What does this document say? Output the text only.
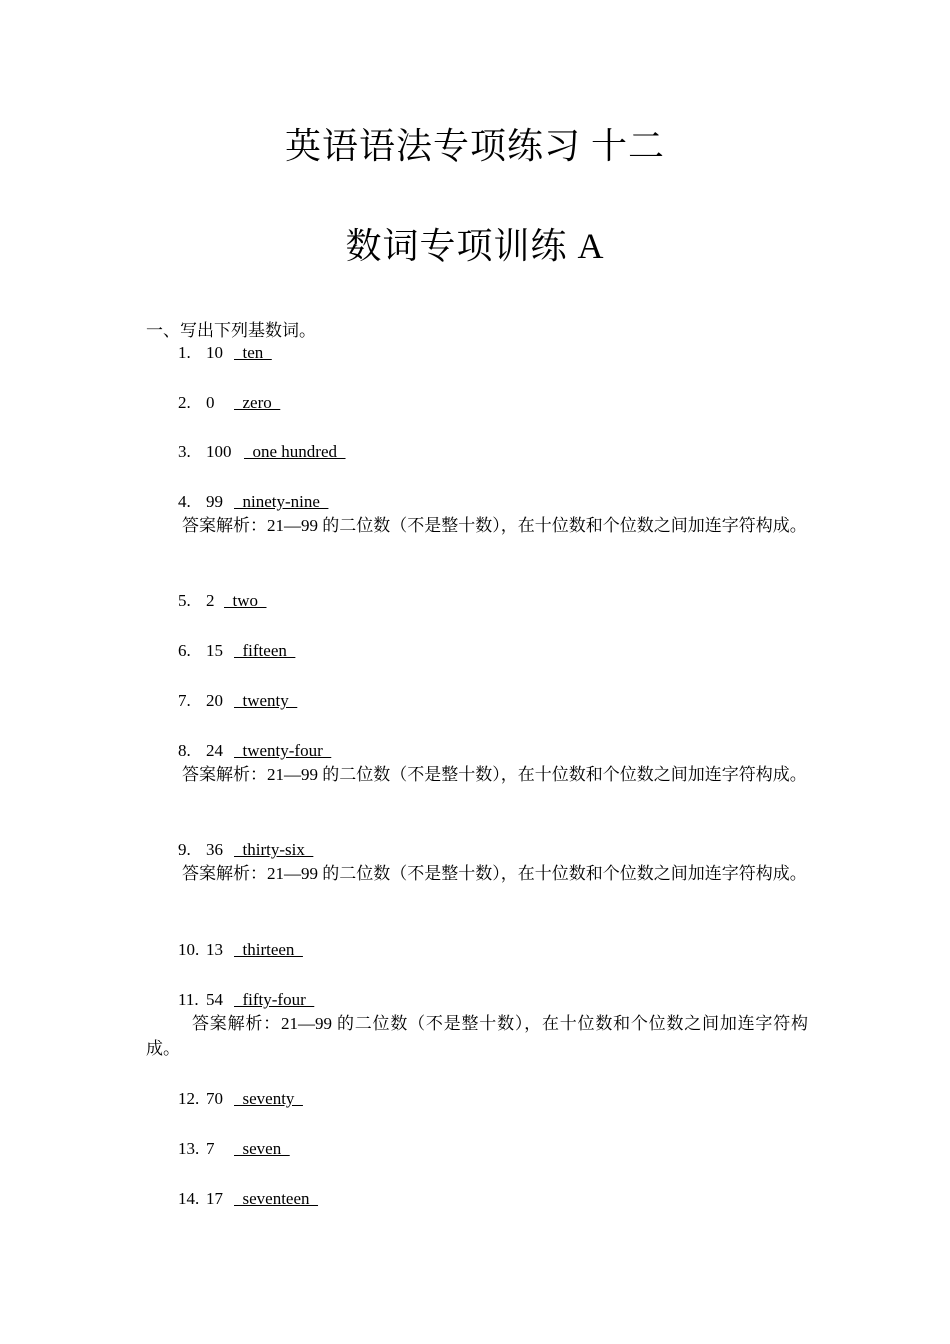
英语语法专项练习 十二
数词专项训练 A
一、写出下列基数词。
1. 10  ten
2. 0  zero
3. 100  one hundred
4. 99  ninety-nine
答案解析：21—99 的二位数（不是整十数），在十位数和个位数之间加连字符构成。
5. 2  two
6. 15  fifteen
7. 20  twenty
8. 24  twenty-four
答案解析：21—99 的二位数（不是整十数），在十位数和个位数之间加连字符构成。
9. 36  thirty-six
答案解析：21—99 的二位数（不是整十数），在十位数和个位数之间加连字符构成。
10. 13  thirteen
11. 54  fifty-four
答案解析：21—99 的二位数（不是整十数），在十位数和个位数之间加连字符构成。
12. 70  seventy
13. 7  seven
14. 17  seventeen
